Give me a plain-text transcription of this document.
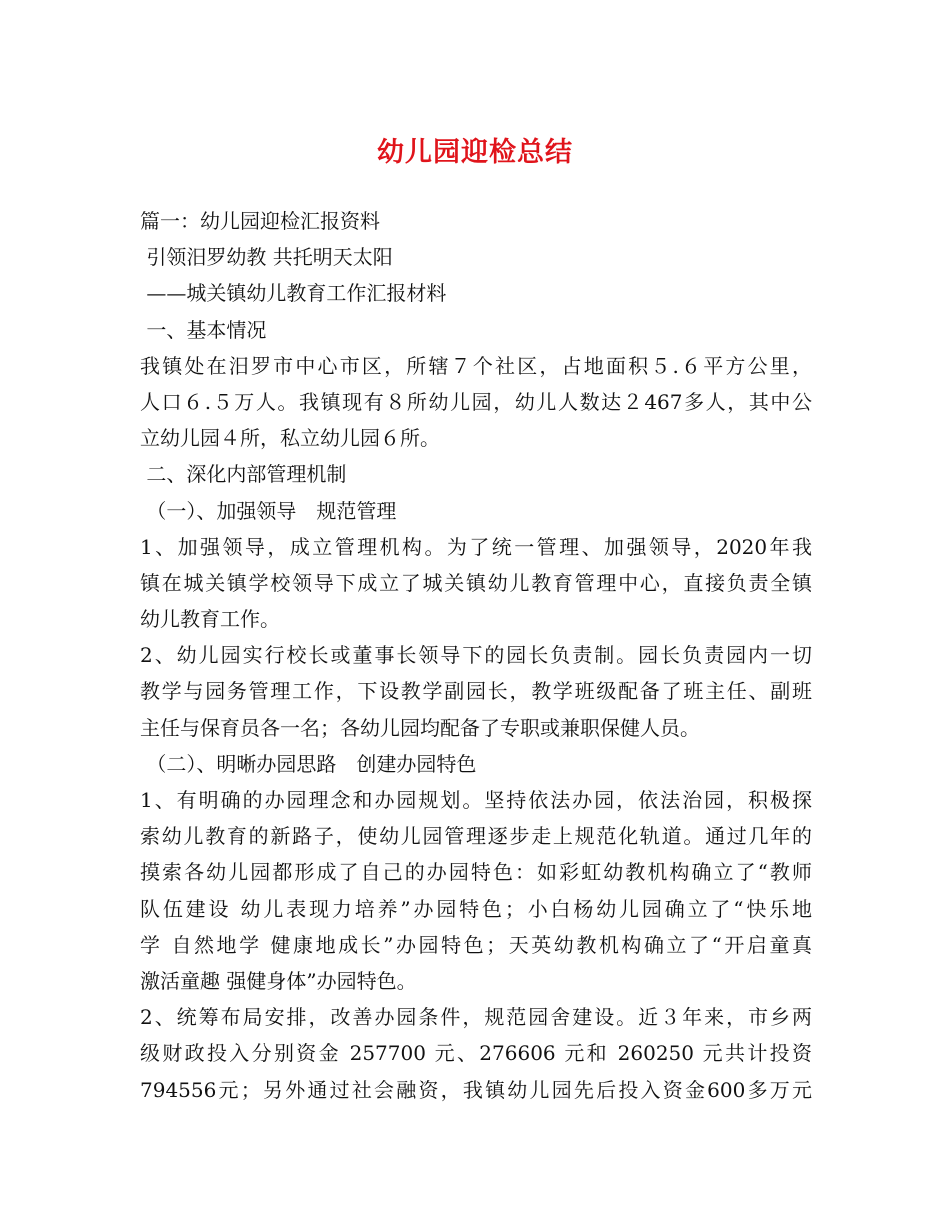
幼儿园迎检总结
篇一：幼儿园迎检汇报资料
引领汨罗幼教 共托明天太阳
——城关镇幼儿教育工作汇报材料
一、基本情况
我镇处在汨罗市中心市区，所辖７个社区，占地面积５.６平方公里，
人口６.５万人。我镇现有８所幼儿园，幼儿人数达２467多人，其中公
立幼儿园４所，私立幼儿园６所。
二、深化内部管理机制
（一）、加强领导　规范管理
1、加强领导，成立管理机构。为了统一管理、加强领导，2020年我
镇在城关镇学校领导下成立了城关镇幼儿教育管理中心，直接负责全镇
幼儿教育工作。
2、幼儿园实行校长或董事长领导下的园长负责制。园长负责园内一切
教学与园务管理工作，下设教学副园长，教学班级配备了班主任、副班
主任与保育员各一名；各幼儿园均配备了专职或兼职保健人员。
（二）、明晰办园思路　创建办园特色
1、有明确的办园理念和办园规划。坚持依法办园，依法治园，积极探
索幼儿教育的新路子，使幼儿园管理逐步走上规范化轨道。通过几年的
摸索各幼儿园都形成了自己的办园特色：如彩虹幼教机构确立了“教师
队伍建设 幼儿表现力培养”办园特色；小白杨幼儿园确立了“快乐地
学 自然地学 健康地成长”办园特色；天英幼教机构确立了“开启童真
激活童趣 强健身体”办园特色。
2、统筹布局安排，改善办园条件，规范园舍建设。近３年来，市乡两
级财政投入分别资金 257700 元、276606 元和 260250 元共计投资
794556元；另外通过社会融资，我镇幼儿园先后投入资金600多万元
